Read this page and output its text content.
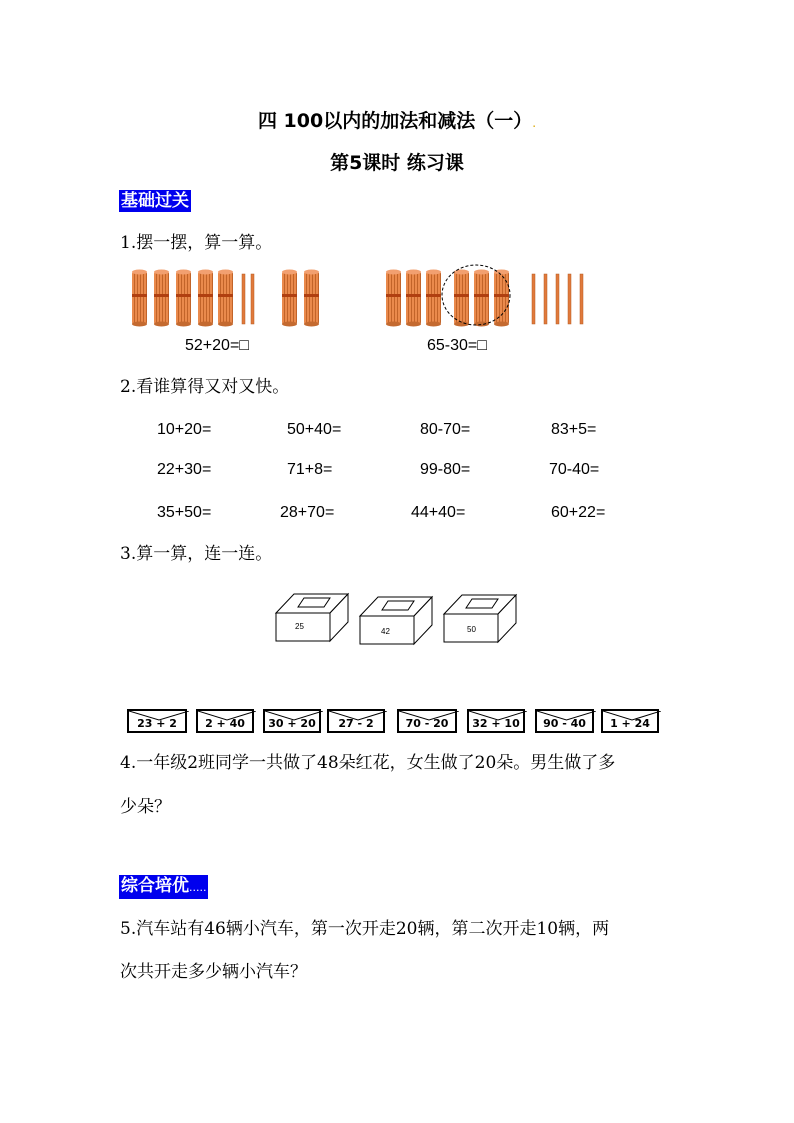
四 100以内的加法和减法（一）.
第5课时 练习课
基础过关
1.摆一摆，算一算。
52+20=□	65-30=□
2.看谁算得又对又快。
10+20=	50+40=	80-70=	83+5=
22+30=	71+8=	99-80=	70-40=
35+50=	28+70=	44+40=	60+22=
3.算一算，连一连。
25
42	50
23 + 2	2 + 40	30 + 20	27 - 2	70 - 20	32 + 10	90 - 40	1 + 24
4.一年级2班同学一共做了48朵红花，女生做了20朵。男生做了多
少朵？
综合培优.....
5.汽车站有46辆小汽车，第一次开走20辆，第二次开走10辆，两
次共开走多少辆小汽车？
